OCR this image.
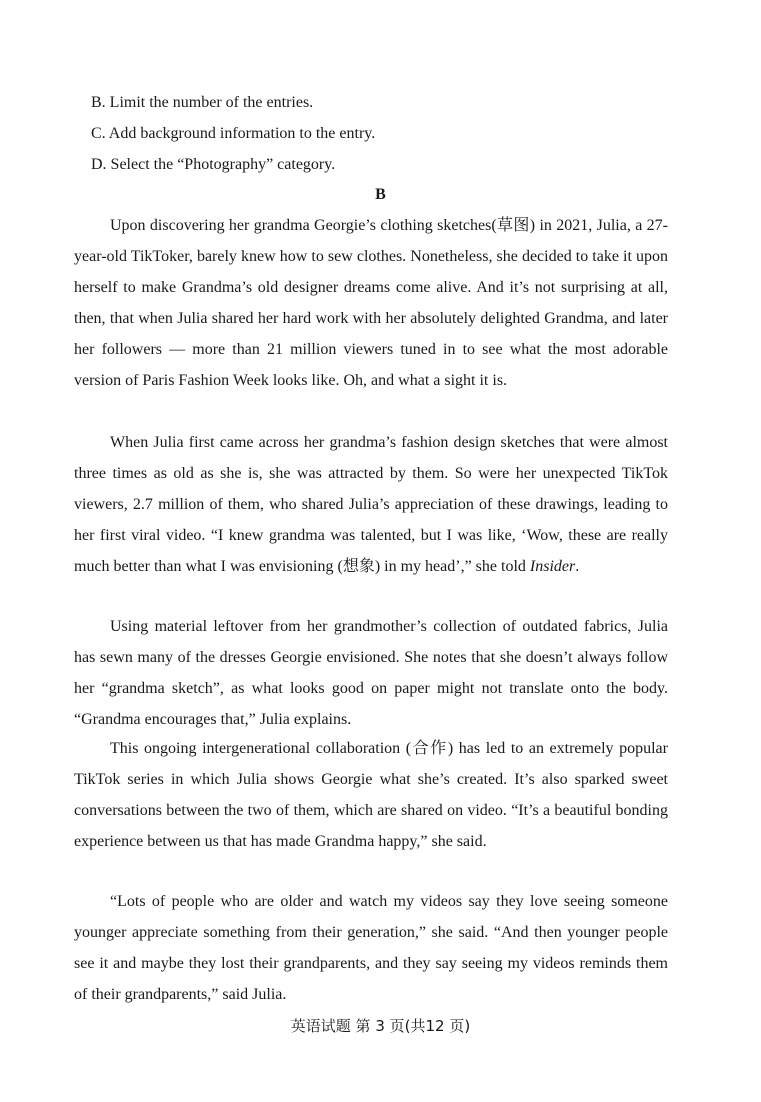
B. Limit the number of the entries.
C. Add background information to the entry.
D. Select the “Photography” category.
B
Upon discovering her grandma Georgie’s clothing sketches(草图) in 2021, Julia, a 27-year-old TikToker, barely knew how to sew clothes. Nonetheless, she decided to take it upon herself to make Grandma’s old designer dreams come alive. And it’s not surprising at all, then, that when Julia shared her hard work with her absolutely delighted Grandma, and later her followers — more than 21 million viewers tuned in to see what the most adorable version of Paris Fashion Week looks like. Oh, and what a sight it is.
When Julia first came across her grandma’s fashion design sketches that were almost three times as old as she is, she was attracted by them. So were her unexpected TikTok viewers, 2.7 million of them, who shared Julia’s appreciation of these drawings, leading to her first viral video. “I knew grandma was talented, but I was like, ‘Wow, these are really much better than what I was envisioning (想象) in my head’,” she told Insider.
Using material leftover from her grandmother’s collection of outdated fabrics, Julia has sewn many of the dresses Georgie envisioned. She notes that she doesn’t always follow her “grandma sketch”, as what looks good on paper might not translate onto the body. “Grandma encourages that,” Julia explains.
This ongoing intergenerational collaboration (合作) has led to an extremely popular TikTok series in which Julia shows Georgie what she’s created. It’s also sparked sweet conversations between the two of them, which are shared on video. “It’s a beautiful bonding experience between us that has made Grandma happy,” she said.
“Lots of people who are older and watch my videos say they love seeing someone younger appreciate something from their generation,” she said. “And then younger people see it and maybe they lost their grandparents, and they say seeing my videos reminds them of their grandparents,” said Julia.
英语试题 第 3 页(共12 页)
